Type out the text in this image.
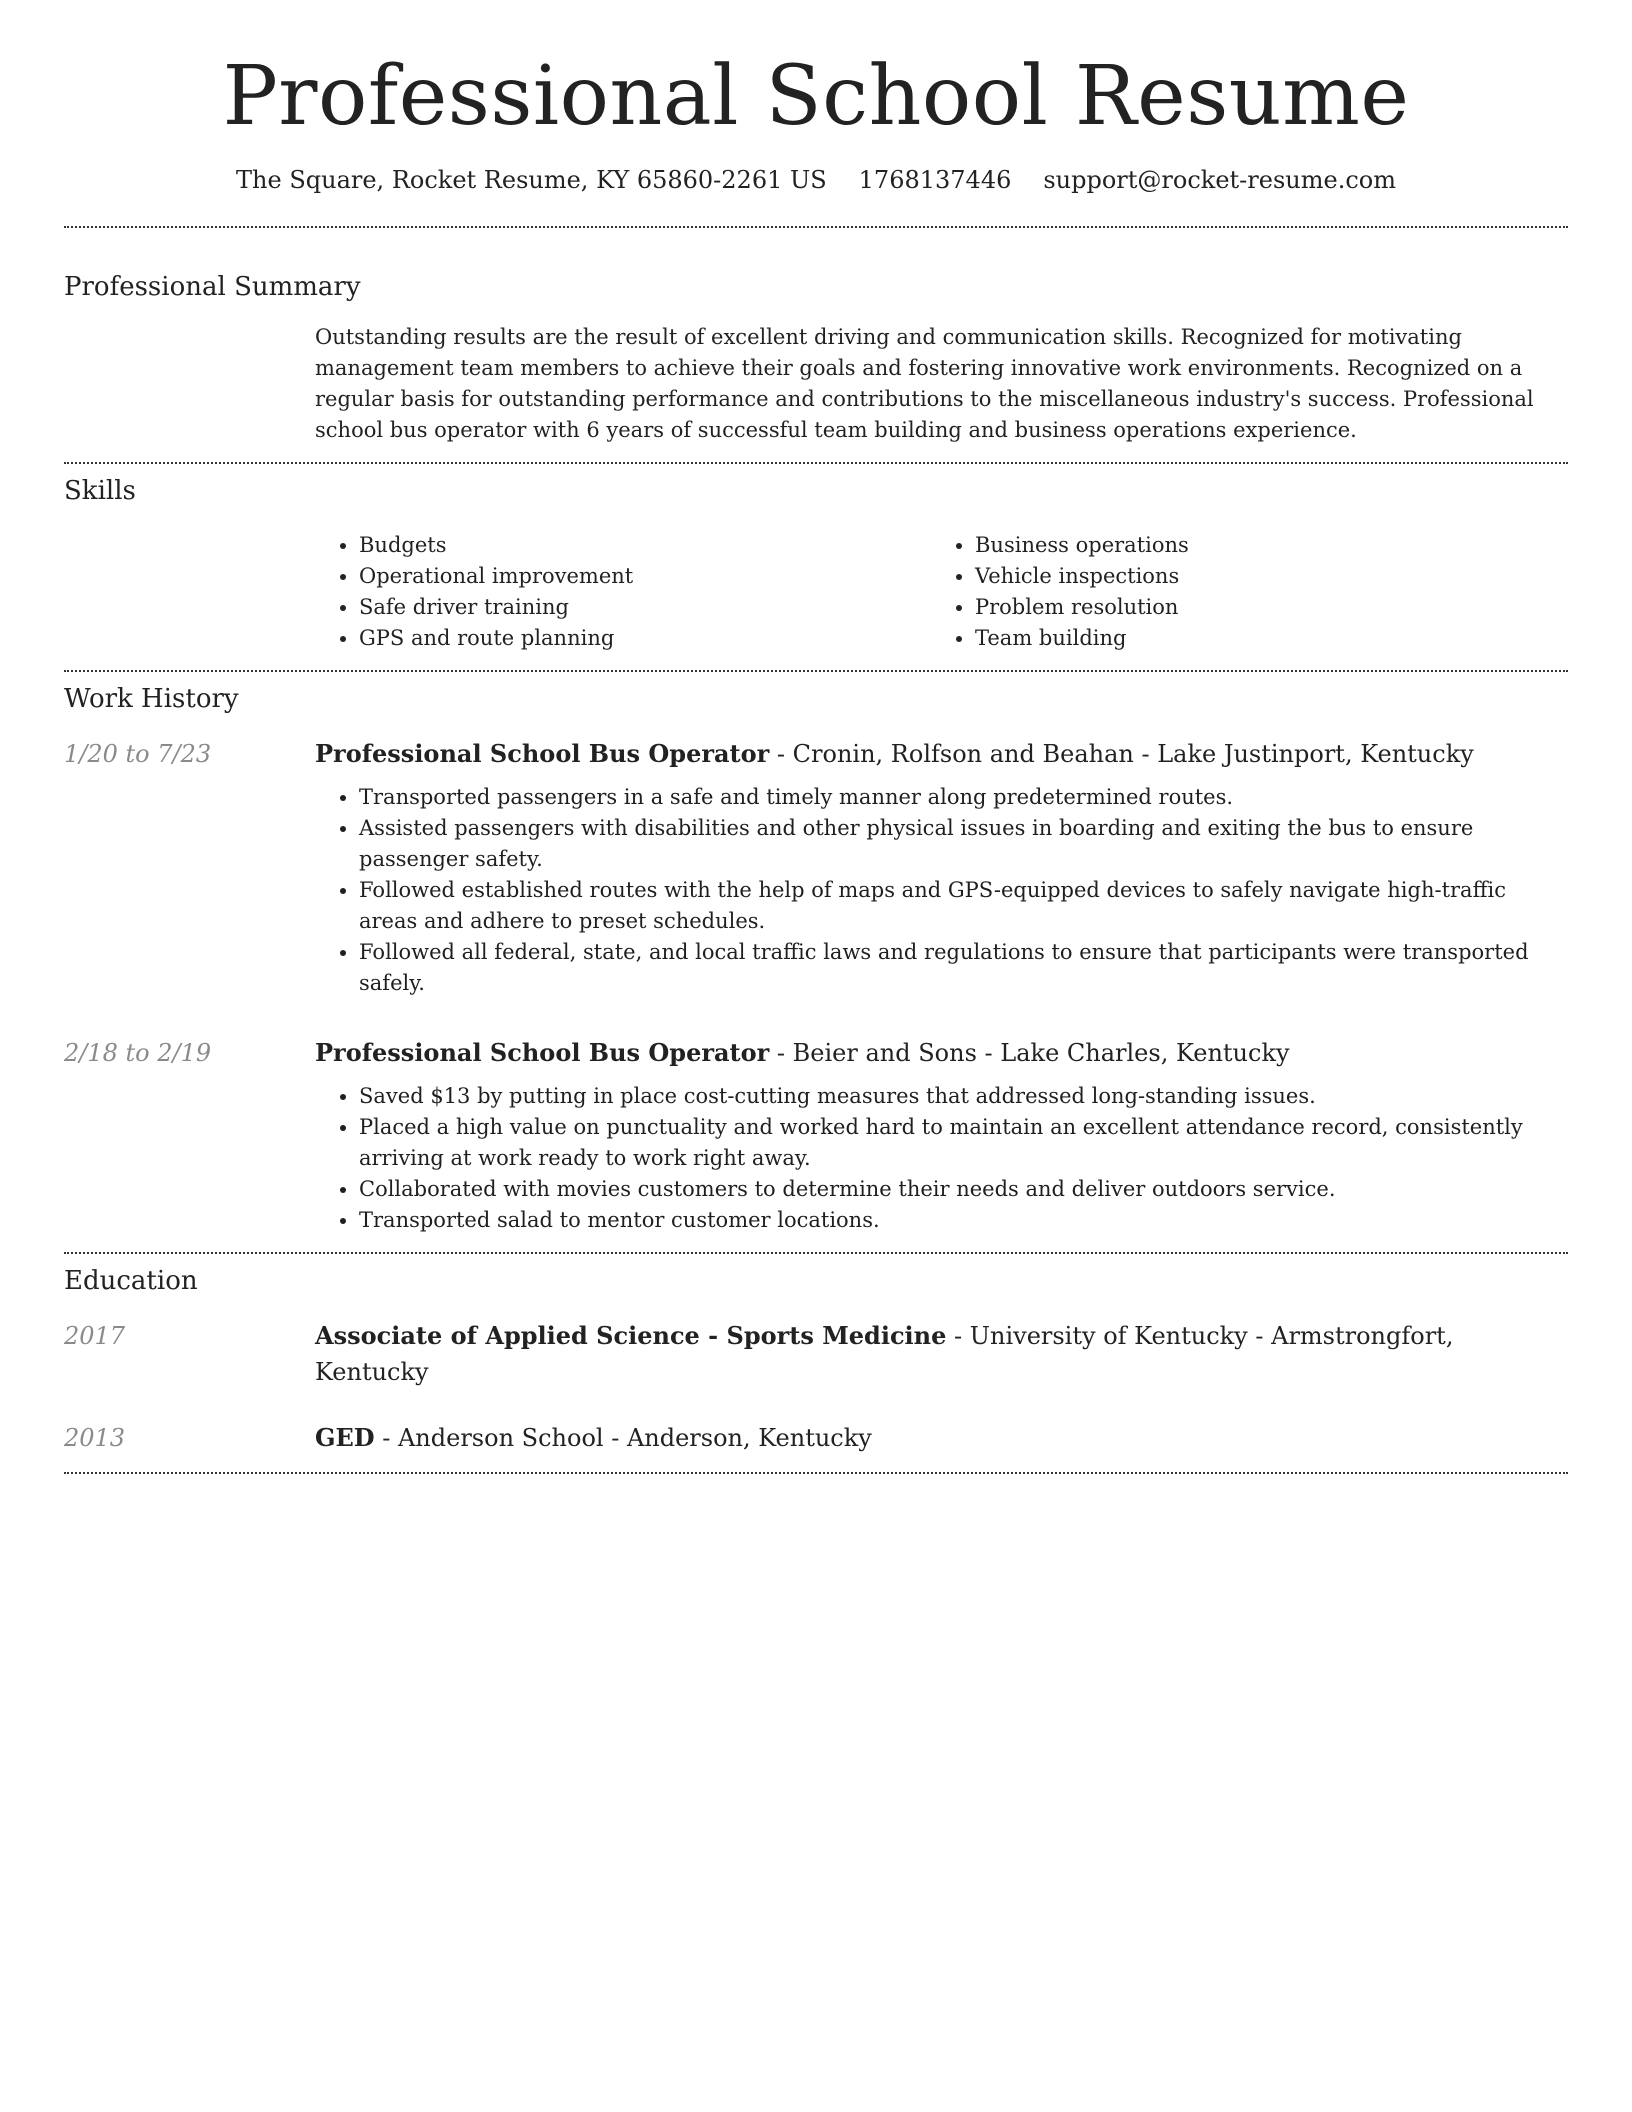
Professional School Resume
The Square, Rocket Resume, KY 65860-2261 US 1768137446 support@rocket-resume.com
Professional Summary
Outstanding results are the result of excellent driving and communication skills. Recognized for motivating management team members to achieve their goals and fostering innovative work environments. Recognized on a regular basis for outstanding performance and contributions to the miscellaneous industry's success. Professional school bus operator with 6 years of successful team building and business operations experience.
Skills
• Budgets
• Operational improvement
• Safe driver training
• GPS and route planning
• Business operations
• Vehicle inspections
• Problem resolution
• Team building
Work History
1/20 to 7/23	Professional School Bus Operator - Cronin, Rolfson and Beahan - Lake Justinport, Kentucky
• Transported passengers in a safe and timely manner along predetermined routes.
• Assisted passengers with disabilities and other physical issues in boarding and exiting the bus to ensure passenger safety.
• Followed established routes with the help of maps and GPS-equipped devices to safely navigate high-traffic areas and adhere to preset schedules.
• Followed all federal, state, and local traffic laws and regulations to ensure that participants were transported safely.
2/18 to 2/19	Professional School Bus Operator - Beier and Sons - Lake Charles, Kentucky
• Saved $13 by putting in place cost-cutting measures that addressed long-standing issues.
• Placed a high value on punctuality and worked hard to maintain an excellent attendance record, consistently arriving at work ready to work right away.
• Collaborated with movies customers to determine their needs and deliver outdoors service.
• Transported salad to mentor customer locations.
Education
2017	Associate of Applied Science - Sports Medicine - University of Kentucky - Armstrongfort, Kentucky
2013	GED - Anderson School - Anderson, Kentucky
